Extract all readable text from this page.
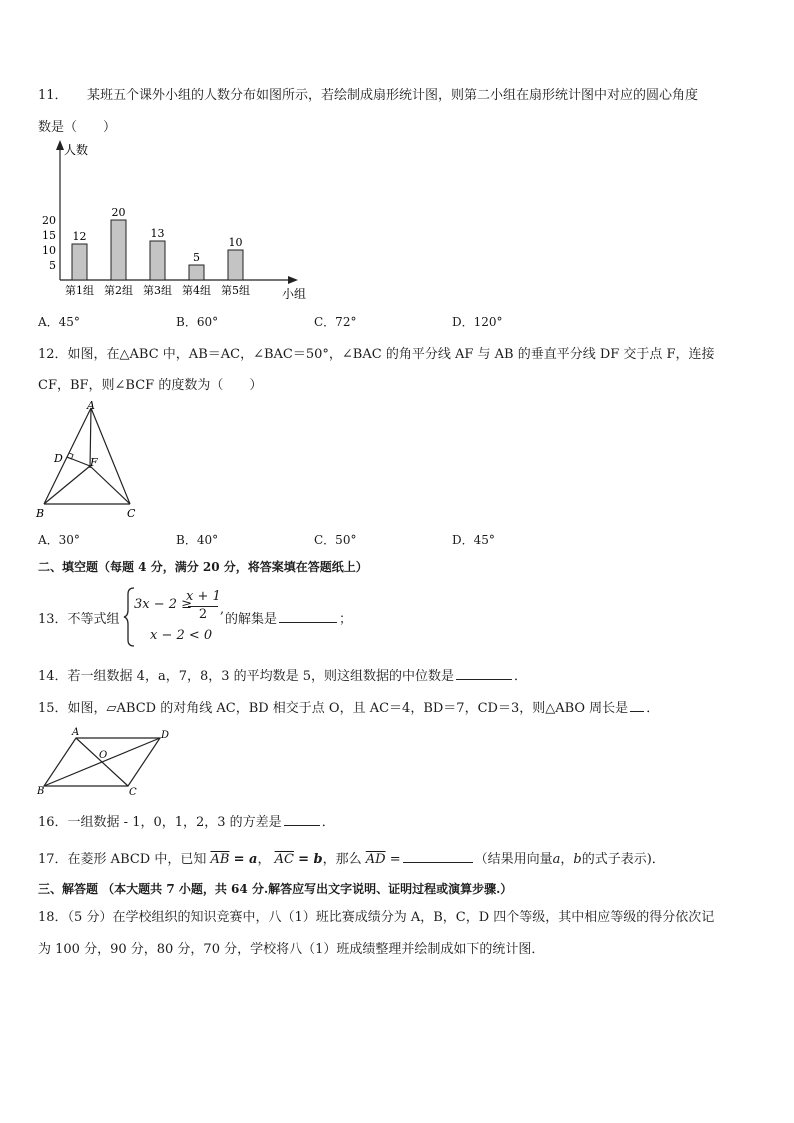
11．　　某班五个课外小组的人数分布如图所示，若绘制成扇形统计图，则第二小组在扇形统计图中对应的圆心角度
数是（　　）
人数
小组
5
10
15
20
12
20
13
5
10
第1组 第2组 第3组 第4组 第5组
A．45°	B．60°	C．72°	D．120°
12．如图，在△ABC 中，AB＝AC，∠BAC＝50°，∠BAC 的角平分线 AF 与 AB 的垂直平分线 DF 交于点 F，连接
CF，BF，则∠BCF 的度数为（　　）
A
D F
B	C
A．30°	B．40°	C．50°	D．45°
二、填空题（每题 4 分，满分 20 分，将答案填在答题纸上）
13．不等式组
3x − 2 ≥
x + 1
2 ,
x − 2 < 0
的解集是	；
14．若一组数据 4，a，7，8，3 的平均数是 5，则这组数据的中位数是	．
15．如图，▱ABCD 的对角线 AC，BD 相交于点 O，且 AC＝4，BD＝7，CD＝3，则△ABO 周长是 ．
A	D
O
B	C
16．一组数据 - 1，0，1，2，3 的方差是	．
17．在菱形 ABCD 中，已知 $\overline{AB} = a$， $\overline{AC} = b$，那么 $\overline{AD}$ =	（结果用向量a，b的式子表示)．
三、解答题 （本大题共 7 小题，共 64 分.解答应写出文字说明、证明过程或演算步骤.）
18．（5 分）在学校组织的知识竞赛中，八（1）班比赛成绩分为 A，B，C，D 四个等级，其中相应等级的得分依次记
为 100 分，90 分，80 分，70 分，学校将八（1）班成绩整理并绘制成如下的统计图．
